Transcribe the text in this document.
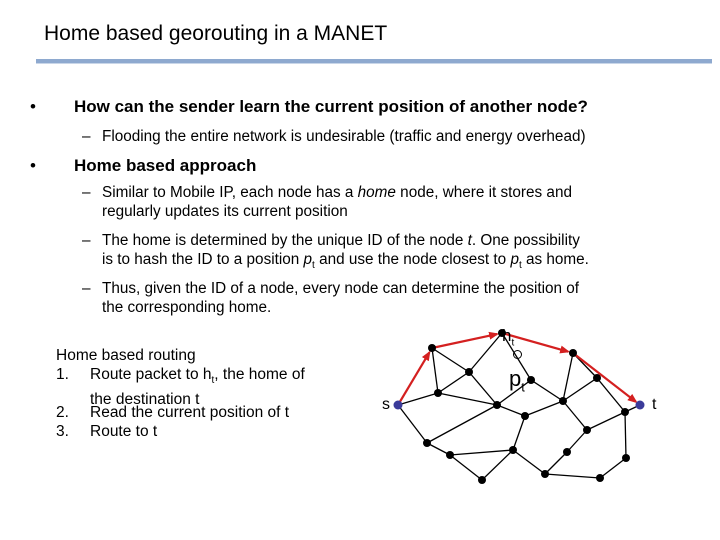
Home based georouting in a MANET
• How can the sender learn the current position of another node?
– Flooding the entire network is undesirable (traffic and energy overhead)
• Home based approach
– Similar to Mobile IP, each node has a home node, where it stores and
regularly updates its current position
– The home is determined by the unique ID of the node t. One possibility
is to hash the ID to a position $p_t$ and use the node closest to $p_t$ as home.
– Thus, given the ID of a node, every node can determine the position of
the corresponding home.
Home based routing
1. Route packet to $h_t$, the home of
the destination t
2. Read the current position of t
3. Route to t
$h_t$
$p_t$
s	t
